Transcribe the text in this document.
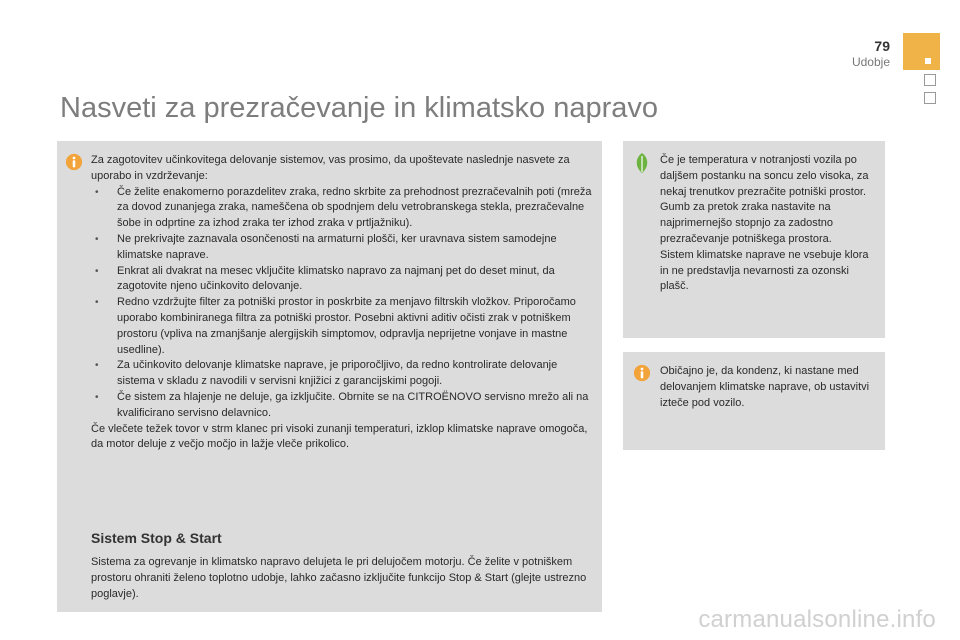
79
Udobje
Nasveti za prezračevanje in klimatsko napravo
Za zagotovitev učinkovitega delovanje sistemov, vas prosimo, da upoštevate naslednje nasvete za uporabo in vzdrževanje:
• Če želite enakomerno porazdelitev zraka, redno skrbite za prehodnost prezračevalnih poti (mreža za dovod zunanjega zraka, nameščena ob spodnjem delu vetrobranskega stekla, prezračevalne šobe in odprtine za izhod zraka ter izhod zraka v prtljažniku).
• Ne prekrivajte zaznavala osončenosti na armaturni plošči, ker uravnava sistem samodejne klimatske naprave.
• Enkrat ali dvakrat na mesec vključite klimatsko napravo za najmanj pet do deset minut, da zagotovite njeno učinkovito delovanje.
• Redno vzdržujte filter za potniški prostor in poskrbite za menjavo filtrskih vložkov. Priporočamo uporabo kombiniranega filtra za potniški prostor. Posebni aktivni aditiv očisti zrak v potniškem prostoru (vpliva na zmanjšanje alergijskih simptomov, odpravlja neprijetne vonjave in mastne usedline).
• Za učinkovito delovanje klimatske naprave, je priporočljivo, da redno kontrolirate delovanje sistema v skladu z navodili v servisni knjižici z garancijskimi pogoji.
• Če sistem za hlajenje ne deluje, ga izključite. Obrnite se na CITROËNOVO servisno mrežo ali na kvalificirano servisno delavnico.
Če vlečete težek tovor v strm klanec pri visoki zunanji temperaturi, izklop klimatske naprave omogoča, da motor deluje z večjo močjo in lažje vleče prikolico.
Sistem Stop & Start
Sistema za ogrevanje in klimatsko napravo delujeta le pri delujočem motorju. Če želite v potniškem prostoru ohraniti želeno toplotno udobje, lahko začasno izključite funkcijo Stop & Start (glejte ustrezno poglavje).
Če je temperatura v notranjosti vozila po daljšem postanku na soncu zelo visoka, za nekaj trenutkov prezračite potniški prostor.
Gumb za pretok zraka nastavite na najprimernejšo stopnjo za zadostno prezračevanje potniškega prostora.
Sistem klimatske naprave ne vsebuje klora in ne predstavlja nevarnosti za ozonski plašč.
Običajno je, da kondenz, ki nastane med delovanjem klimatske naprave, ob ustavitvi izteče pod vozilo.
carmanualsonline.info
